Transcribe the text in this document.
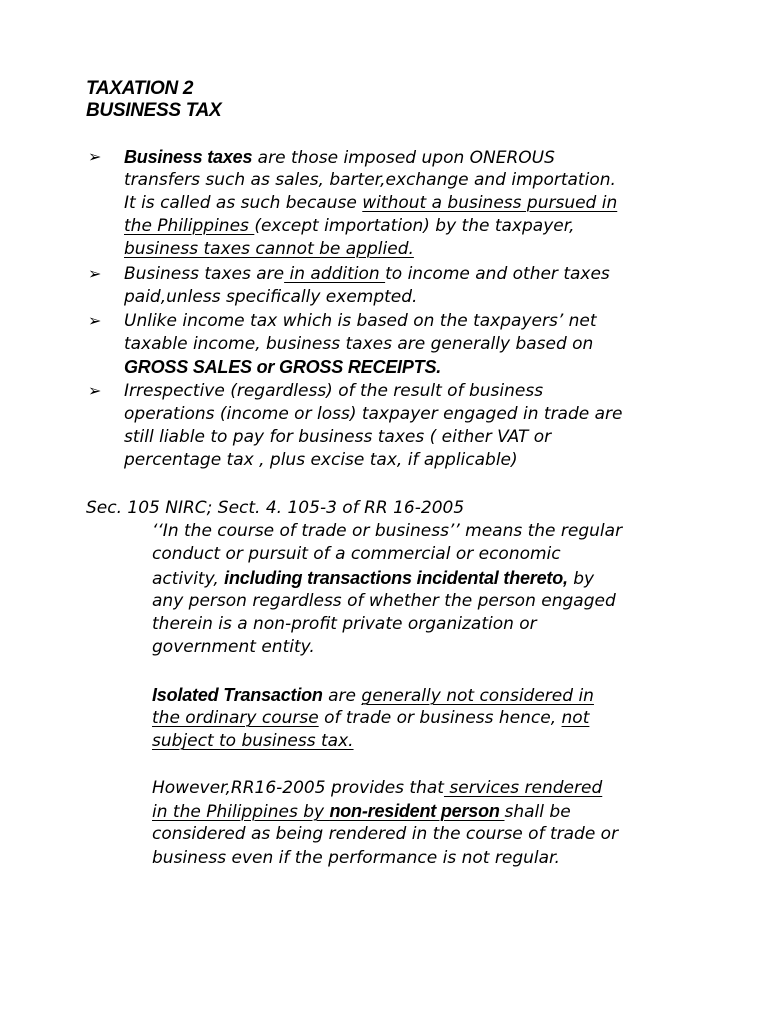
TAXATION 2
BUSINESS TAX
➢ Business taxes are those imposed upon ONEROUS
transfers such as sales, barter,exchange and importation.
It is called as such because without a business pursued in
the Philippines (except importation) by the taxpayer,
business taxes cannot be applied.
➢ Business taxes are in addition to income and other taxes
paid,unless specifically exempted.
➢ Unlike income tax which is based on the taxpayers’ net
taxable income, business taxes are generally based on
GROSS SALES or GROSS RECEIPTS.
➢ Irrespective (regardless) of the result of business
operations (income or loss) taxpayer engaged in trade are
still liable to pay for business taxes ( either VAT or
percentage tax , plus excise tax, if applicable)
Sec. 105 NIRC; Sect. 4. 105-3 of RR 16-2005
‘‘In the course of trade or business’’ means the regular
conduct or pursuit of a commercial or economic
activity, including transactions incidental thereto, by
any person regardless of whether the person engaged
therein is a non-profit private organization or
government entity.
Isolated Transaction are generally not considered in
the ordinary course of trade or business hence, not
subject to business tax.
However,RR16-2005 provides that services rendered
in the Philippines by non-resident person shall be
considered as being rendered in the course of trade or
business even if the performance is not regular.
